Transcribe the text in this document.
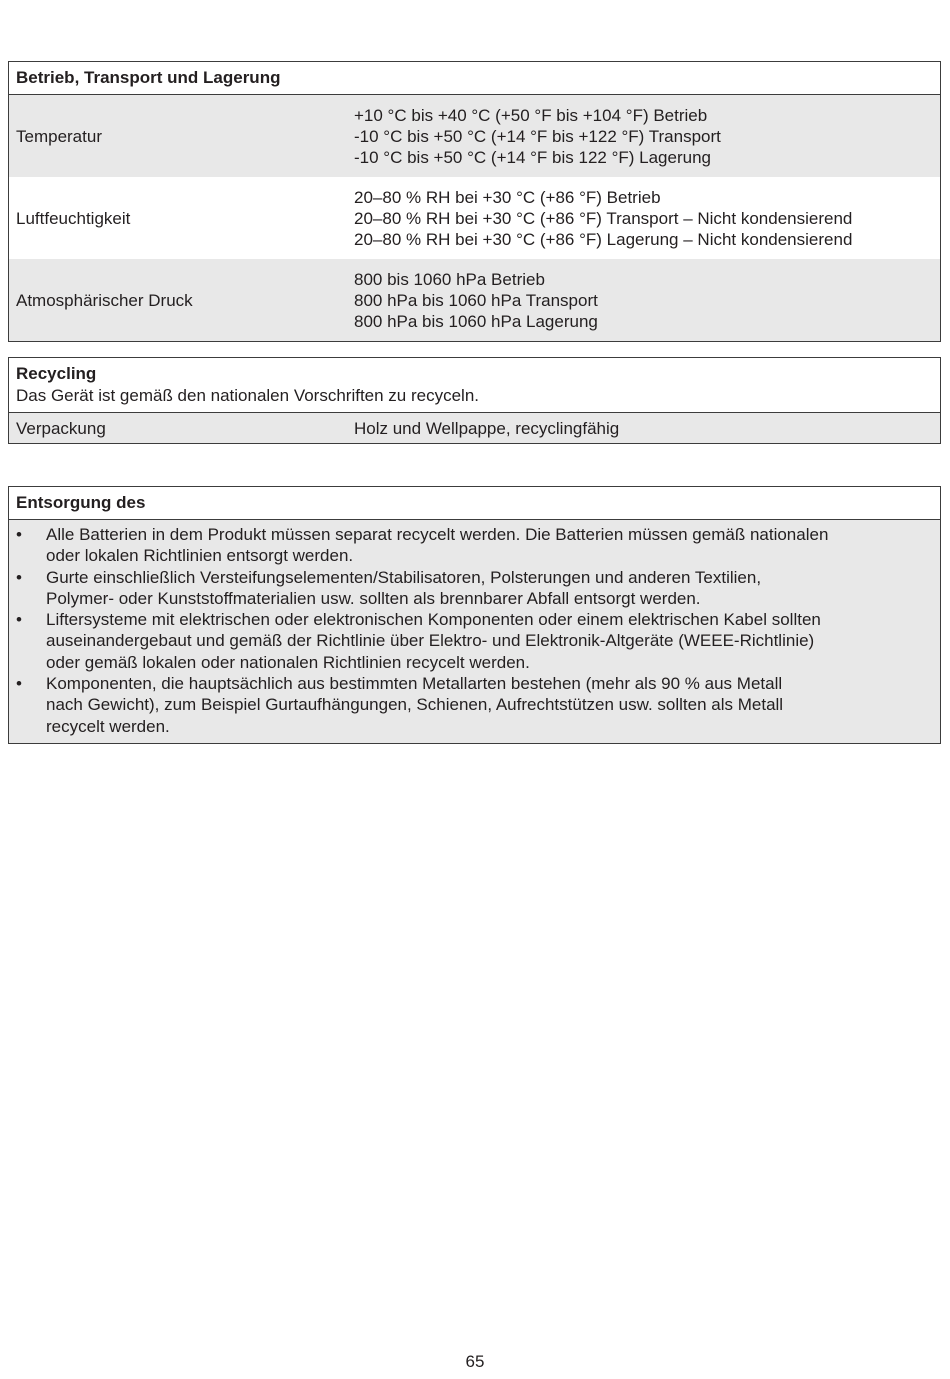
Betrieb, Transport und Lagerung
Temperatur
+10 °C bis +40 °C (+50 °F bis +104 °F) Betrieb
-10 °C bis +50 °C (+14 °F bis +122 °F) Transport
-10 °C bis +50 °C (+14 °F bis 122 °F) Lagerung
Luftfeuchtigkeit
20–80 % RH bei +30 °C (+86 °F) Betrieb
20–80 % RH bei +30 °C (+86 °F) Transport – Nicht kondensierend
20–80 % RH bei +30 °C (+86 °F) Lagerung – Nicht kondensierend
Atmosphärischer Druck
800 bis 1060 hPa Betrieb
800 hPa bis 1060 hPa Transport
800 hPa bis 1060 hPa Lagerung
Recycling
Das Gerät ist gemäß den nationalen Vorschriften zu recyceln.
Verpackung	Holz und Wellpappe, recyclingfähig
Entsorgung des
• Alle Batterien in dem Produkt müssen separat recycelt werden. Die Batterien müssen gemäß nationalen
oder lokalen Richtlinien entsorgt werden.
• Gurte einschließlich Versteifungselementen/Stabilisatoren, Polsterungen und anderen Textilien,
Polymer- oder Kunststoffmaterialien usw. sollten als brennbarer Abfall entsorgt werden.
• Liftersysteme mit elektrischen oder elektronischen Komponenten oder einem elektrischen Kabel sollten
auseinandergebaut und gemäß der Richtlinie über Elektro- und Elektronik-Altgeräte (WEEE-Richtlinie)
oder gemäß lokalen oder nationalen Richtlinien recycelt werden.
• Komponenten, die hauptsächlich aus bestimmten Metallarten bestehen (mehr als 90 % aus Metall
nach Gewicht), zum Beispiel Gurtaufhängungen, Schienen, Aufrechtstützen usw. sollten als Metall
recycelt werden.
65
